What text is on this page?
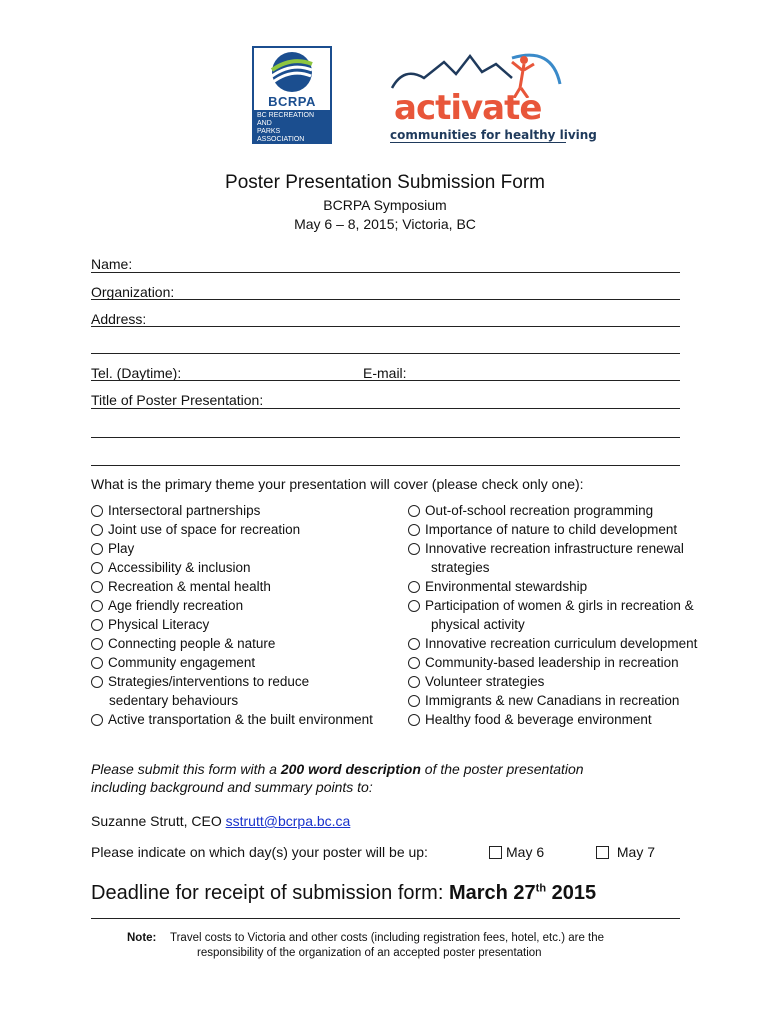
BCRPA
BC RECREATION AND
PARKS ASSOCIATION
activate
communities for healthy living
Poster Presentation Submission Form
BCRPA Symposium
May 6 – 8, 2015; Victoria, BC
Name:
Organization:
Address:
Tel. (Daytime):	E-mail:
Title of Poster Presentation:
What is the primary theme your presentation will cover (please check only one):
Intersectoral partnerships
Joint use of space for recreation
Play
Accessibility & inclusion
Recreation & mental health
Age friendly recreation
Physical Literacy
Connecting people & nature
Community engagement
Strategies/interventions to reduce
sedentary behaviours
Active transportation & the built environment
Out-of-school recreation programming
Importance of nature to child development
Innovative recreation infrastructure renewal
strategies
Environmental stewardship
Participation of women & girls in recreation &
physical activity
Innovative recreation curriculum development
Community-based leadership in recreation
Volunteer strategies
Immigrants & new Canadians in recreation
Healthy food & beverage environment
Please submit this form with a 200 word description of the poster presentation
including background and summary points to:
Suzanne Strutt, CEO sstrutt@bcrpa.bc.ca
Please indicate on which day(s) your poster will be up:	May 6	May 7
Deadline for receipt of submission form: March 27th 2015
Note: Travel costs to Victoria and other costs (including registration fees, hotel, etc.) are the
responsibility of the organization of an accepted poster presentation
